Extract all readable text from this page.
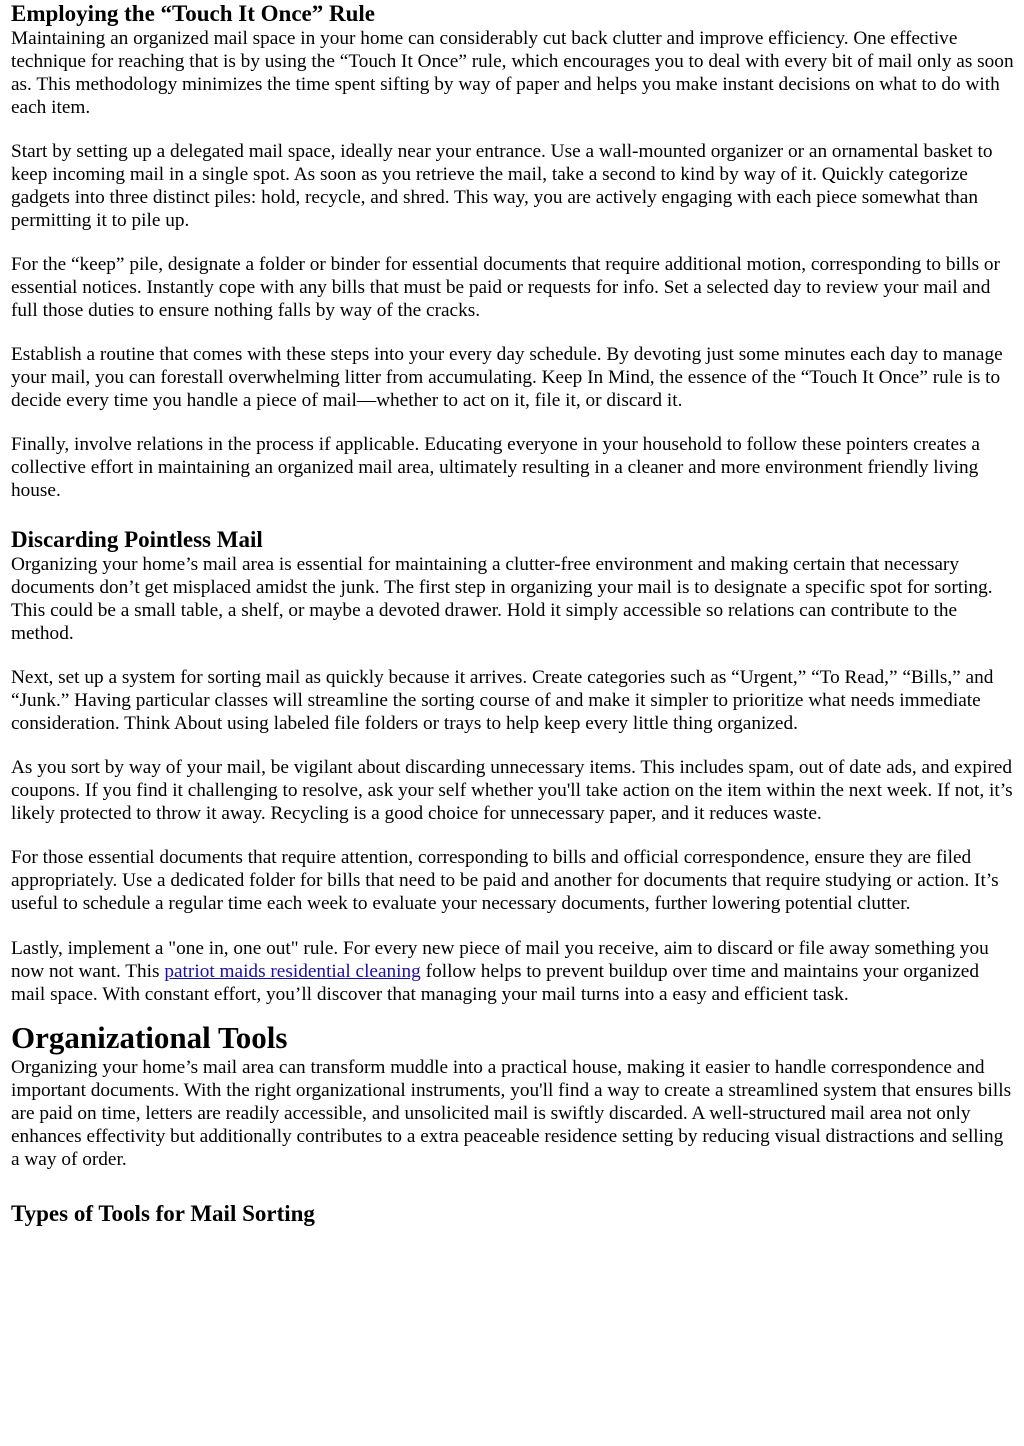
Employing the “Touch It Once” Rule

Maintaining an organized mail space in your home can considerably cut back clutter and improve efficiency. One effective technique for reaching that is by using the “Touch It Once” rule, which encourages you to deal with every bit of mail only as soon as. This methodology minimizes the time spent sifting by way of paper and helps you make instant decisions on what to do with each item.

Start by setting up a delegated mail space, ideally near your entrance. Use a wall-mounted organizer or an ornamental basket to keep incoming mail in a single spot. As soon as you retrieve the mail, take a second to kind by way of it. Quickly categorize gadgets into three distinct piles: hold, recycle, and shred. This way, you are actively engaging with each piece somewhat than permitting it to pile up.

For the “keep” pile, designate a folder or binder for essential documents that require additional motion, corresponding to bills or essential notices. Instantly cope with any bills that must be paid or requests for info. Set a selected day to review your mail and full those duties to ensure nothing falls by way of the cracks.

Establish a routine that comes with these steps into your every day schedule. By devoting just some minutes each day to manage your mail, you can forestall overwhelming litter from accumulating. Keep In Mind, the essence of the “Touch It Once” rule is to decide every time you handle a piece of mail—whether to act on it, file it, or discard it.

Finally, involve relations in the process if applicable. Educating everyone in your household to follow these pointers creates a collective effort in maintaining an organized mail area, ultimately resulting in a cleaner and more environment friendly living house.

Discarding Pointless Mail

Organizing your home’s mail area is essential for maintaining a clutter-free environment and making certain that necessary documents don’t get misplaced amidst the junk. The first step in organizing your mail is to designate a specific spot for sorting. This could be a small table, a shelf, or maybe a devoted drawer. Hold it simply accessible so relations can contribute to the method.

Next, set up a system for sorting mail as quickly because it arrives. Create categories such as “Urgent,” “To Read,” “Bills,” and “Junk.” Having particular classes will streamline the sorting course of and make it simpler to prioritize what needs immediate consideration. Think About using labeled file folders or trays to help keep every little thing organized.

As you sort by way of your mail, be vigilant about discarding unnecessary items. This includes spam, out of date ads, and expired coupons. If you find it challenging to resolve, ask your self whether you'll take action on the item within the next week. If not, it’s likely protected to throw it away. Recycling is a good choice for unnecessary paper, and it reduces waste.

For those essential documents that require attention, corresponding to bills and official correspondence, ensure they are filed appropriately. Use a dedicated folder for bills that need to be paid and another for documents that require studying or action. It’s useful to schedule a regular time each week to evaluate your necessary documents, further lowering potential clutter.

Lastly, implement a "one in, one out" rule. For every new piece of mail you receive, aim to discard or file away something you now not want. This patriot maids residential cleaning follow helps to prevent buildup over time and maintains your organized mail space. With constant effort, you’ll discover that managing your mail turns into a easy and efficient task.

Organizational Tools

Organizing your home’s mail area can transform muddle into a practical house, making it easier to handle correspondence and important documents. With the right organizational instruments, you'll find a way to create a streamlined system that ensures bills are paid on time, letters are readily accessible, and unsolicited mail is swiftly discarded. A well-structured mail area not only enhances effectivity but additionally contributes to a extra peaceable residence setting by reducing visual distractions and selling a way of order.

Types of Tools for Mail Sorting
